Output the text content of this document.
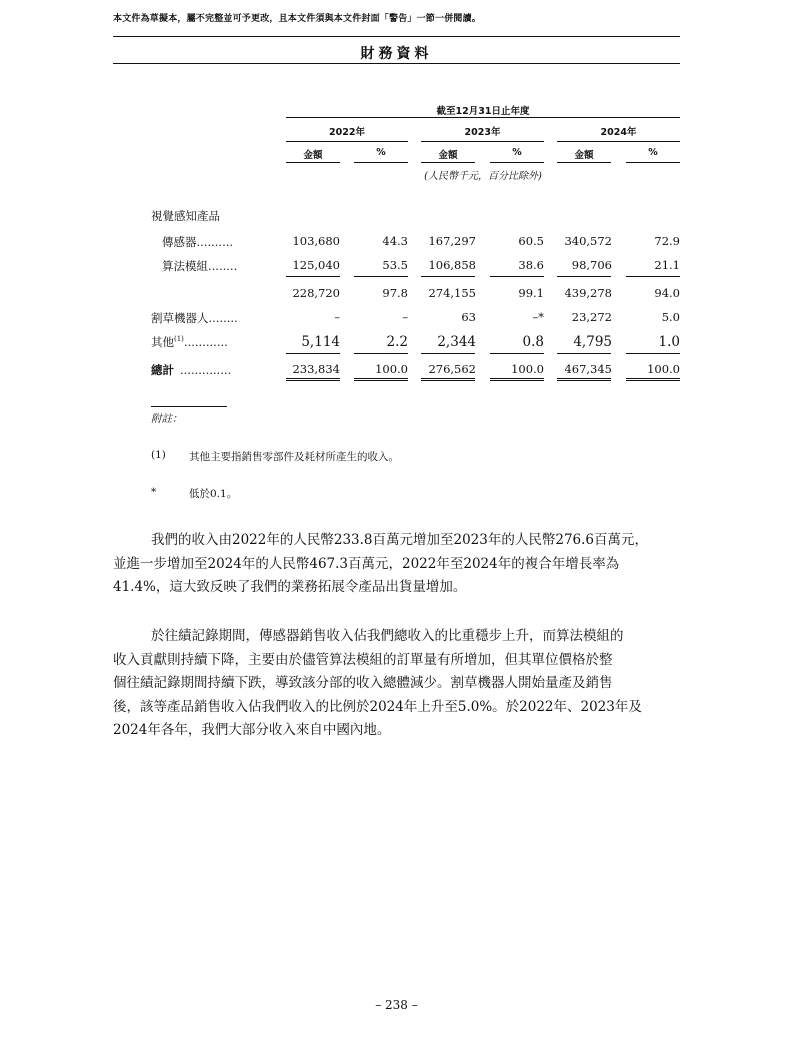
本文件為草擬本，屬不完整並可予更改，且本文件須與本文件封面「警告」一節一併閱讀。
財務資料
截至12月31日止年度
2022年	2023年	2024年
金額	%	金額	%	金額	%
(人民幣千元，百分比除外)
視覺感知產品
傳感器..........	103,680	44.3	167,297	60.5	340,572	72.9
算法模組........	125,040	53.5	106,858	38.6	98,706	21.1
228,720	97.8	274,155	99.1	439,278	94.0
割草機器人........	–	–	63	–*	23,272	5.0
其他$^{(1)}$............	5,114	2.2	2,344	0.8	4,795	1.0
總計 ..............	233,834	100.0	276,562	100.0	467,345	100.0
附註：
(1) 其他主要指銷售零部件及耗材所產生的收入。
*	低於0.1。
我們的收入由2022年的人民幣233.8百萬元增加至2023年的人民幣276.6百萬元，
並進一步增加至2024年的人民幣467.3百萬元，2022年至2024年的複合年增長率為
41.4%，這大致反映了我們的業務拓展令產品出貨量增加。
於往績記錄期間，傳感器銷售收入佔我們總收入的比重穩步上升，而算法模組的
收入貢獻則持續下降，主要由於儘管算法模組的訂單量有所增加，但其單位價格於整
個往績記錄期間持續下跌，導致該分部的收入總體減少。割草機器人開始量產及銷售
後，該等產品銷售收入佔我們收入的比例於2024年上升至5.0%。於2022年、2023年及
2024年各年，我們大部分收入來自中國內地。
– 238 –
